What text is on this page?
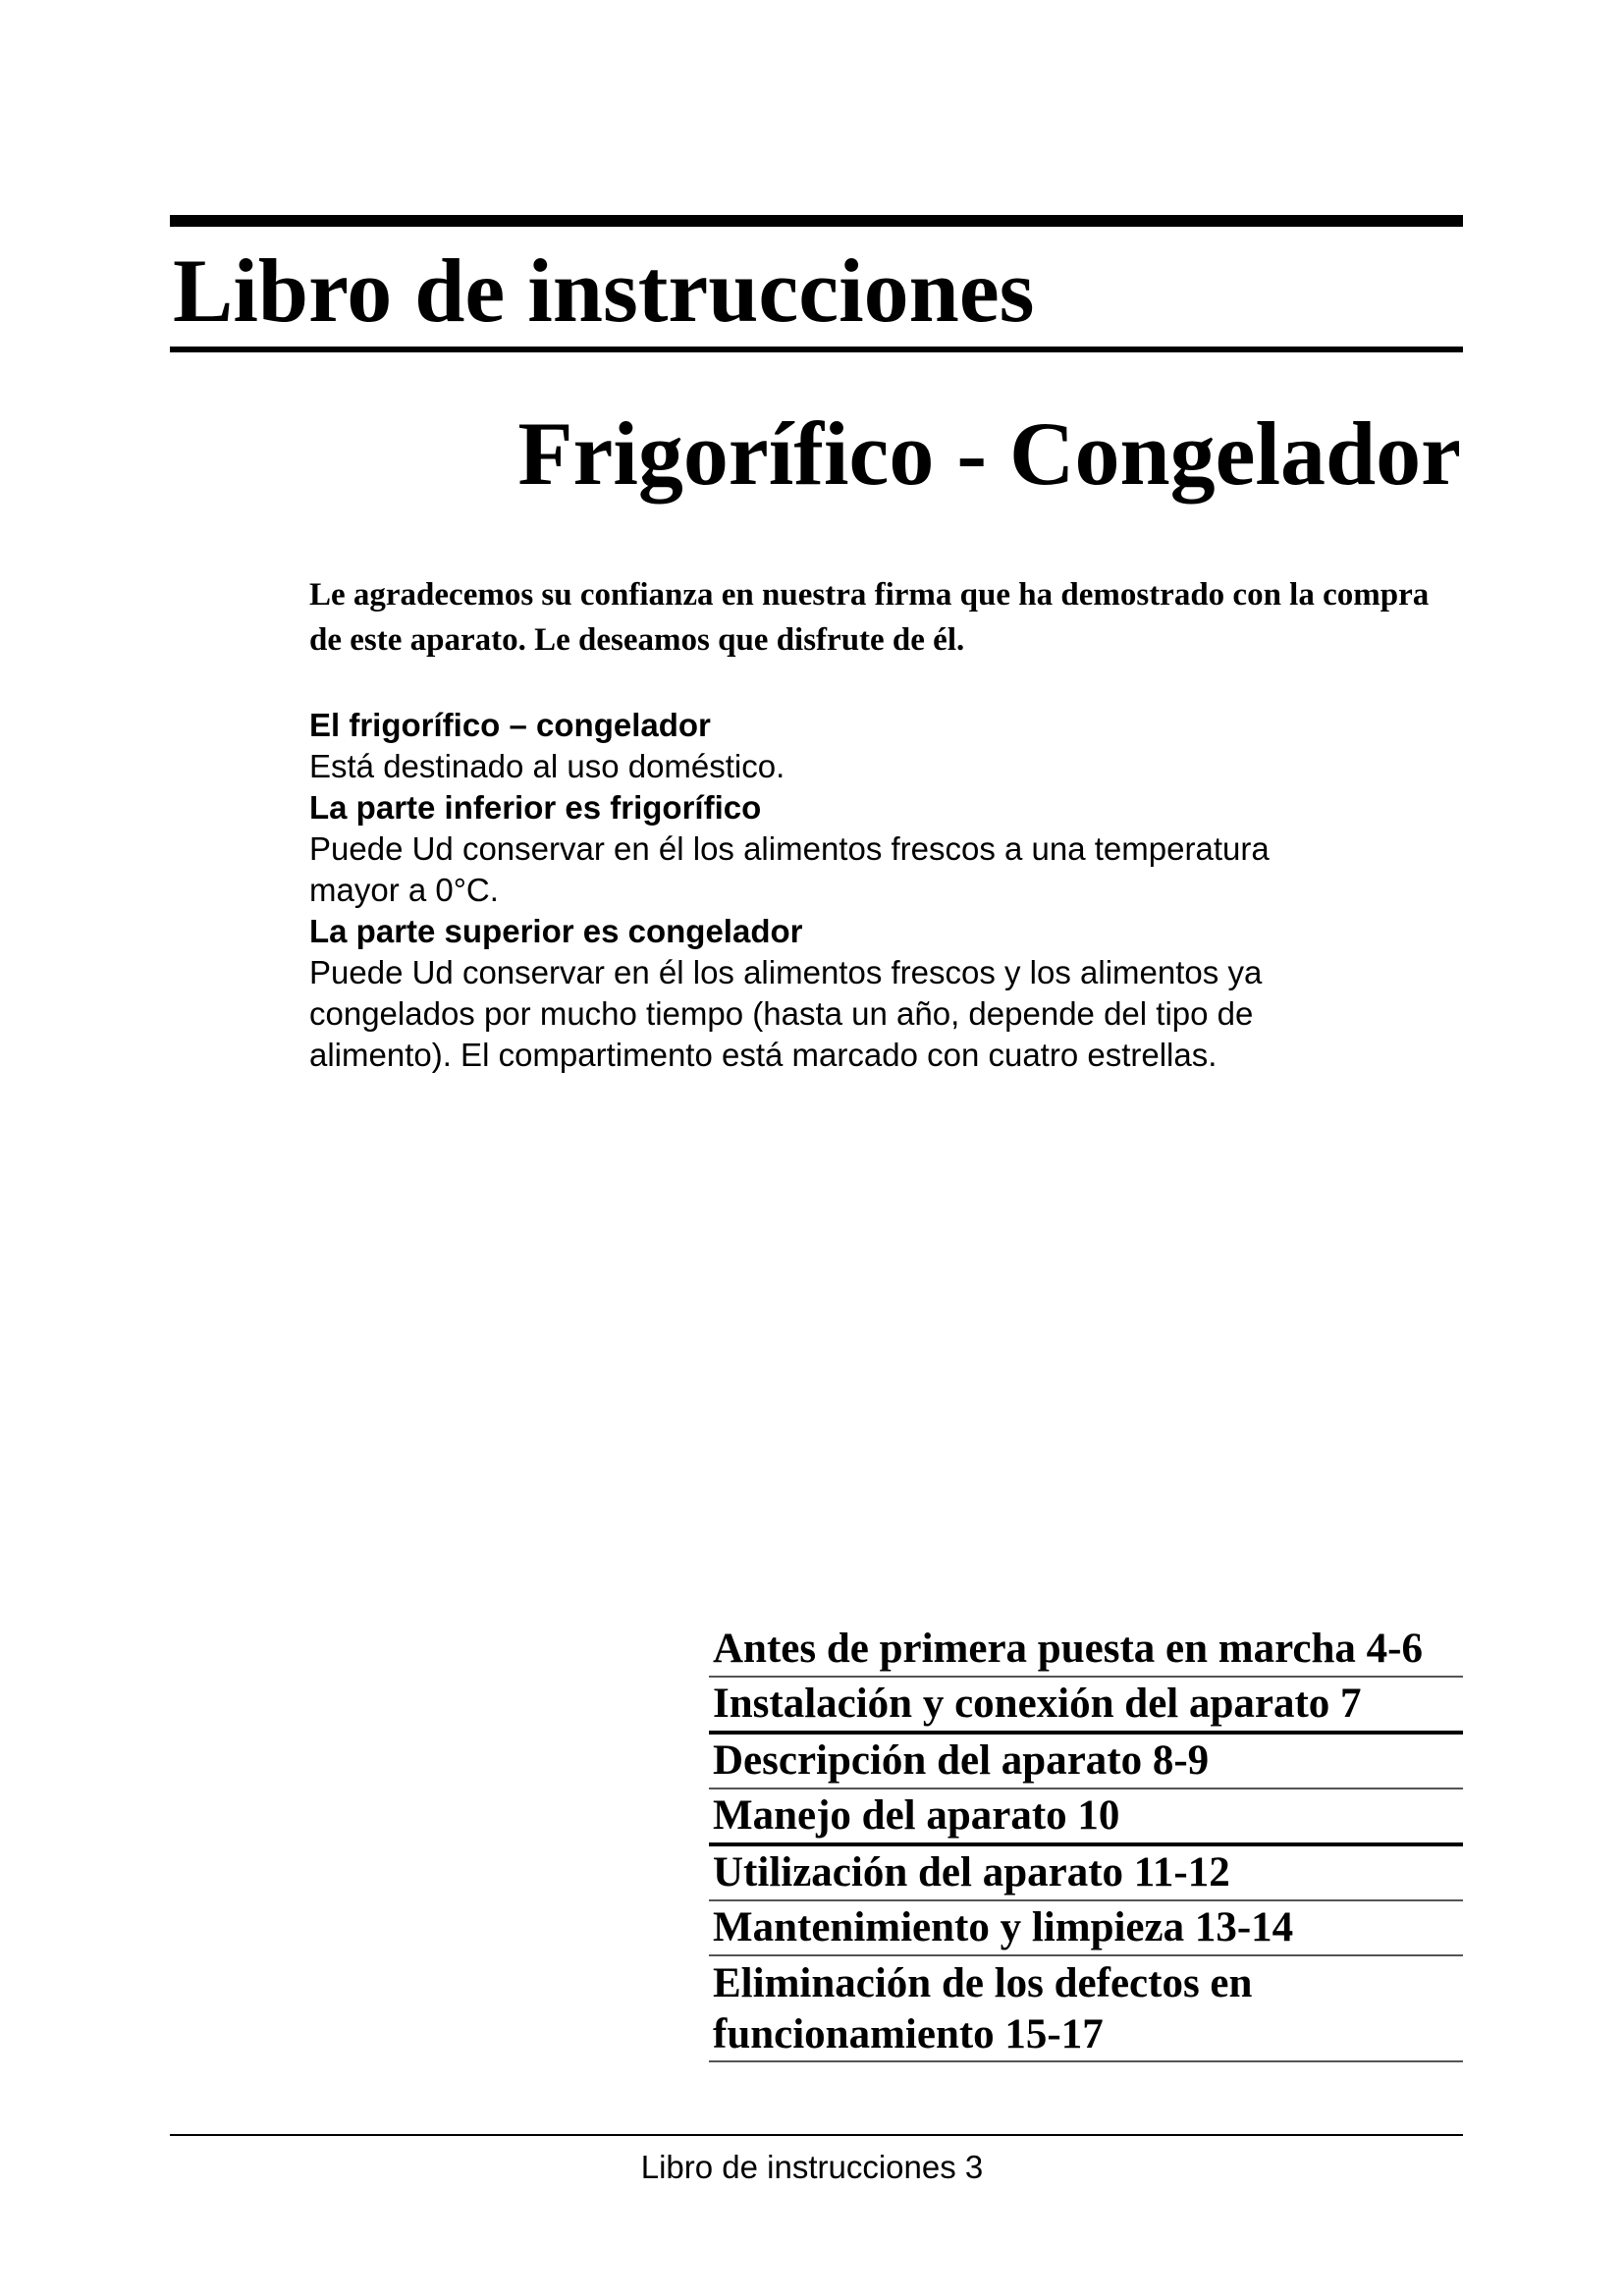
Libro de instrucciones
Frigorífico - Congelador

Le agradecemos su confianza en nuestra firma que ha demostrado con la compra de este aparato. Le deseamos que disfrute de él.

El frigorífico – congelador

Está destinado al uso doméstico.

La parte inferior es frigorífico

Puede Ud conservar en él los alimentos frescos a una temperatura
mayor a 0°C.

La parte superior es congelador

Puede Ud conservar en él los alimentos frescos y los alimentos ya
congelados por mucho tiempo (hasta un año, depende del tipo de
alimento). El compartimento está marcado con cuatro estrellas.

Antes de primera puesta en marcha 4-6
Instalación y conexión del aparato 7
Descripción del aparato 8-9
Manejo del aparato 10
Utilización del aparato 11-12
Mantenimiento y limpieza 13-14
Eliminación de los defectos en funcionamiento 15-17
Libro de instrucciones 3
